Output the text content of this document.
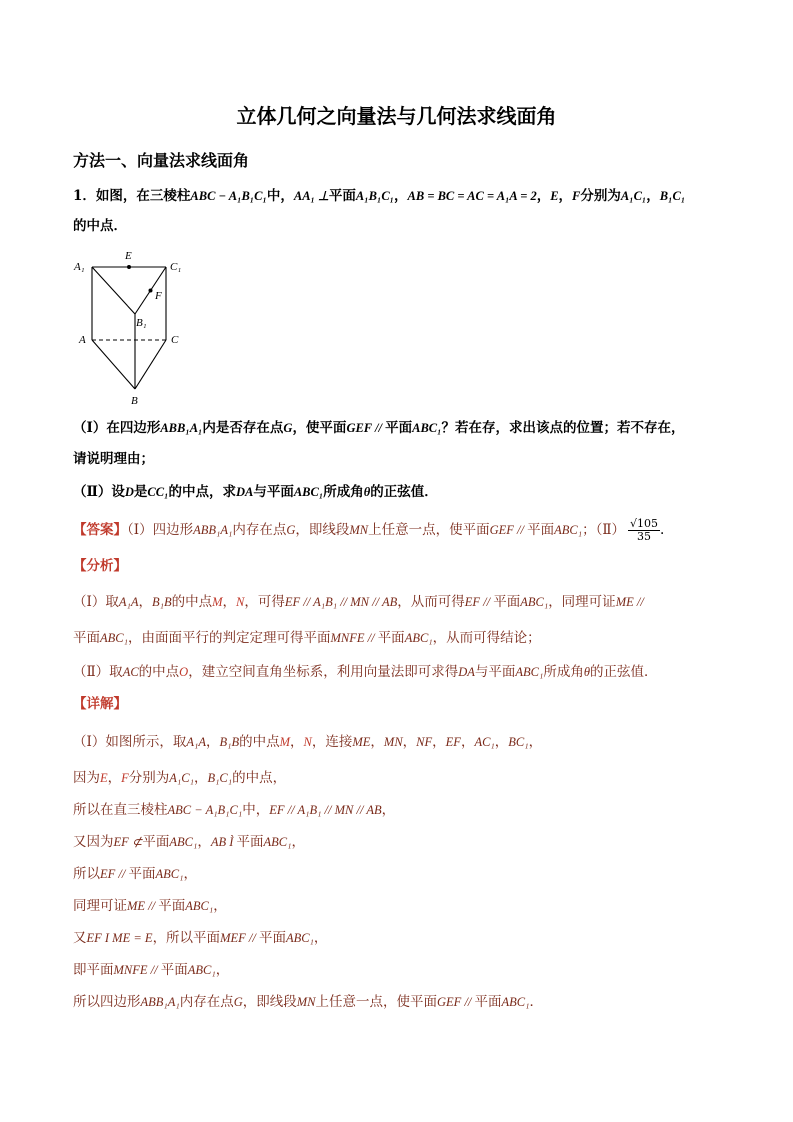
立体几何之向量法与几何法求线面角
方法一、向量法求线面角
1．如图，在三棱柱ABC − A₁B₁C₁中，AA₁ ⊥平面A₁B₁C₁，AB = BC = AC = A₁A = 2，E，F分别为A₁C₁，B₁C₁
的中点．
A₁
E
C₁
F
B₁
A	C
B
（Ⅰ）在四边形ABB₁A₁内是否存在点G，使平面GEF // 平面ABC₁？若在存，求出该点的位置；若不存在，
请说明理由；
（Ⅱ）设D是CC₁的中点，求DA与平面ABC₁所成角θ的正弦值．
【答案】（Ⅰ）四边形ABB₁A₁内存在点G，即线段MN上任意一点，使平面GEF // 平面ABC₁；（Ⅱ） $\frac{√105}{35}$ .
【分析】
（Ⅰ）取A₁A，B₁B的中点M，N，可得EF // A₁B₁ // MN // AB，从而可得EF // 平面ABC₁，同理可证ME //
平面ABC₁，由面面平行的判定定理可得平面MNFE // 平面ABC₁，从而可得结论；
（Ⅱ）取AC的中点O，建立空间直角坐标系，利用向量法即可求得DA与平面ABC₁所成角θ的正弦值．
【详解】
（Ⅰ）如图所示，取A₁A，B₁B的中点M，N，连接ME，MN，NF，EF，AC₁，BC₁，
因为E，F分别为A₁C₁，B₁C₁的中点，
所以在直三棱柱ABC − A₁B₁C₁中，EF // A₁B₁ // MN // AB，
又因为EF ⊄平面ABC₁，AB Ì 平面ABC₁，
所以EF // 平面ABC₁，
同理可证ME // 平面ABC₁，
又EF I ME = E，所以平面MEF // 平面ABC₁，
即平面MNFE // 平面ABC₁，
所以四边形ABB₁A₁内存在点G，即线段MN上任意一点，使平面GEF // 平面ABC₁．
